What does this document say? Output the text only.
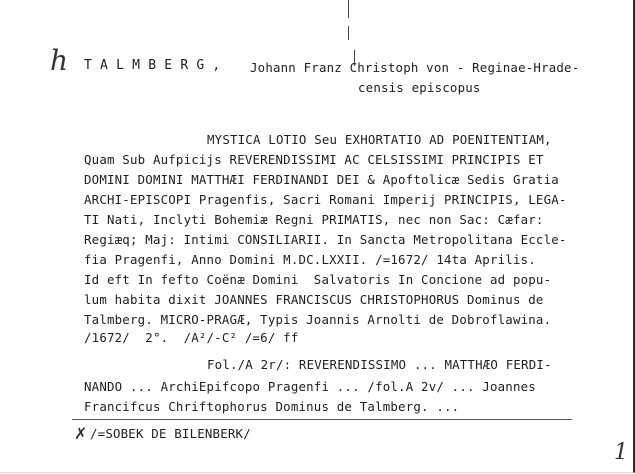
h T A L M B E R G , Johann Franz Christoph von - Reginae-Hrade-
censis episcopus
MYSTICA LOTIO Seu EXHORTATIO AD POENITENTIAM,
Quam Sub Aufpicijs REVERENDISSIMI AC CELSISSIMI PRINCIPIS ET
DOMINI DOMINI MATTHÆI FERDINANDI DEI & Apoftolicæ Sedis Gratia
ARCHI-EPISCOPI Pragenfis, Sacri Romani Imperij PRINCIPIS, LEGA-
TI Nati, Inclyti Bohemiæ Regni PRIMATIS, nec non Sac: Cæfar:
Regiæq; Maj: Intimi CONSILIARII. In Sancta Metropolitana Eccle-
fia Pragenfi, Anno Domini M.DC.LXXII. /=1672/ 14ta Aprilis.
Id eft In fefto Coënæ Domini  Salvatoris In Concione ad popu-
lum habita dixit JOANNES FRANCISCUS CHRISTOPHORUS Dominus de
Talmberg. MICRO-PRAGÆ, Typis Joannis Arnolti de Dobroflawina.
/1672/  2°.  /A²/-C² /=6/ ff
Fol./A 2r/: REVERENDISSIMO ... MATTHÆO FERDI-
NANDO ... ArchiEpifcopo Pragenfi ... /fol.A 2v/ ... Joannes
Francifcus Chriftophorus Dominus de Talmberg. ...
✗ /=SOBEK DE BILENBERK/
1
